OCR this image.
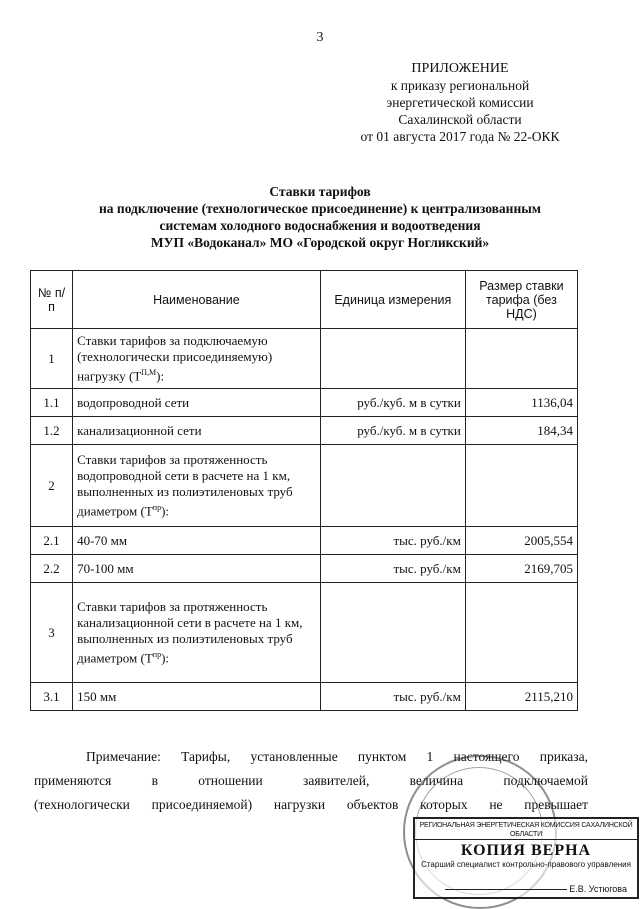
3
ПРИЛОЖЕНИЕ
к приказу региональной
энергетической комиссии
Сахалинской области
от 01 августа 2017 года № 22-ОКК
Ставки тарифов
на подключение (технологическое присоединение) к централизованным
системам холодного водоснабжения и водоотведения
МУП «Водоканал» МО «Городской округ Ногликский»
№ п/п	Наименование	Единица измерения	Размер ставки тарифа (без НДС)
1	Ставки тарифов за подключаемую (технологически присоединяемую) нагрузку $(Т^{П,М})$:		
1.1	водопроводной сети	руб./куб. м в сутки	1136,04
1.2	канализационной сети	руб./куб. м в сутки	184,34
2	Ставки тарифов за протяженность водопроводной сети в расчете на 1 км, выполненных из полиэтиленовых труб диаметром $(Т^{пр})$:		
2.1	40-70 мм	тыс. руб./км	2005,554
2.2	70-100 мм	тыс. руб./км	2169,705
3	Ставки тарифов за протяженность канализационной сети в расчете на 1 км, выполненных из полиэтиленовых труб диаметром $(Т^{пр})$:		
3.1	150 мм	тыс. руб./км	2115,210
Примечание: Тарифы, установленные пунктом 1 настоящего приказа,
применяются в отношении заявителей, величина подключаемой
(технологически присоединяемой) нагрузки объектов которых не превышает
РЕГИОНАЛЬНАЯ ЭНЕРГЕТИЧЕСКАЯ КОМИССИЯ САХАЛИНСКОЙ ОБЛАСТИ
КОПИЯ ВЕРНА
Старший специалист контрольно-правового управления
Е.В. Устюгова
